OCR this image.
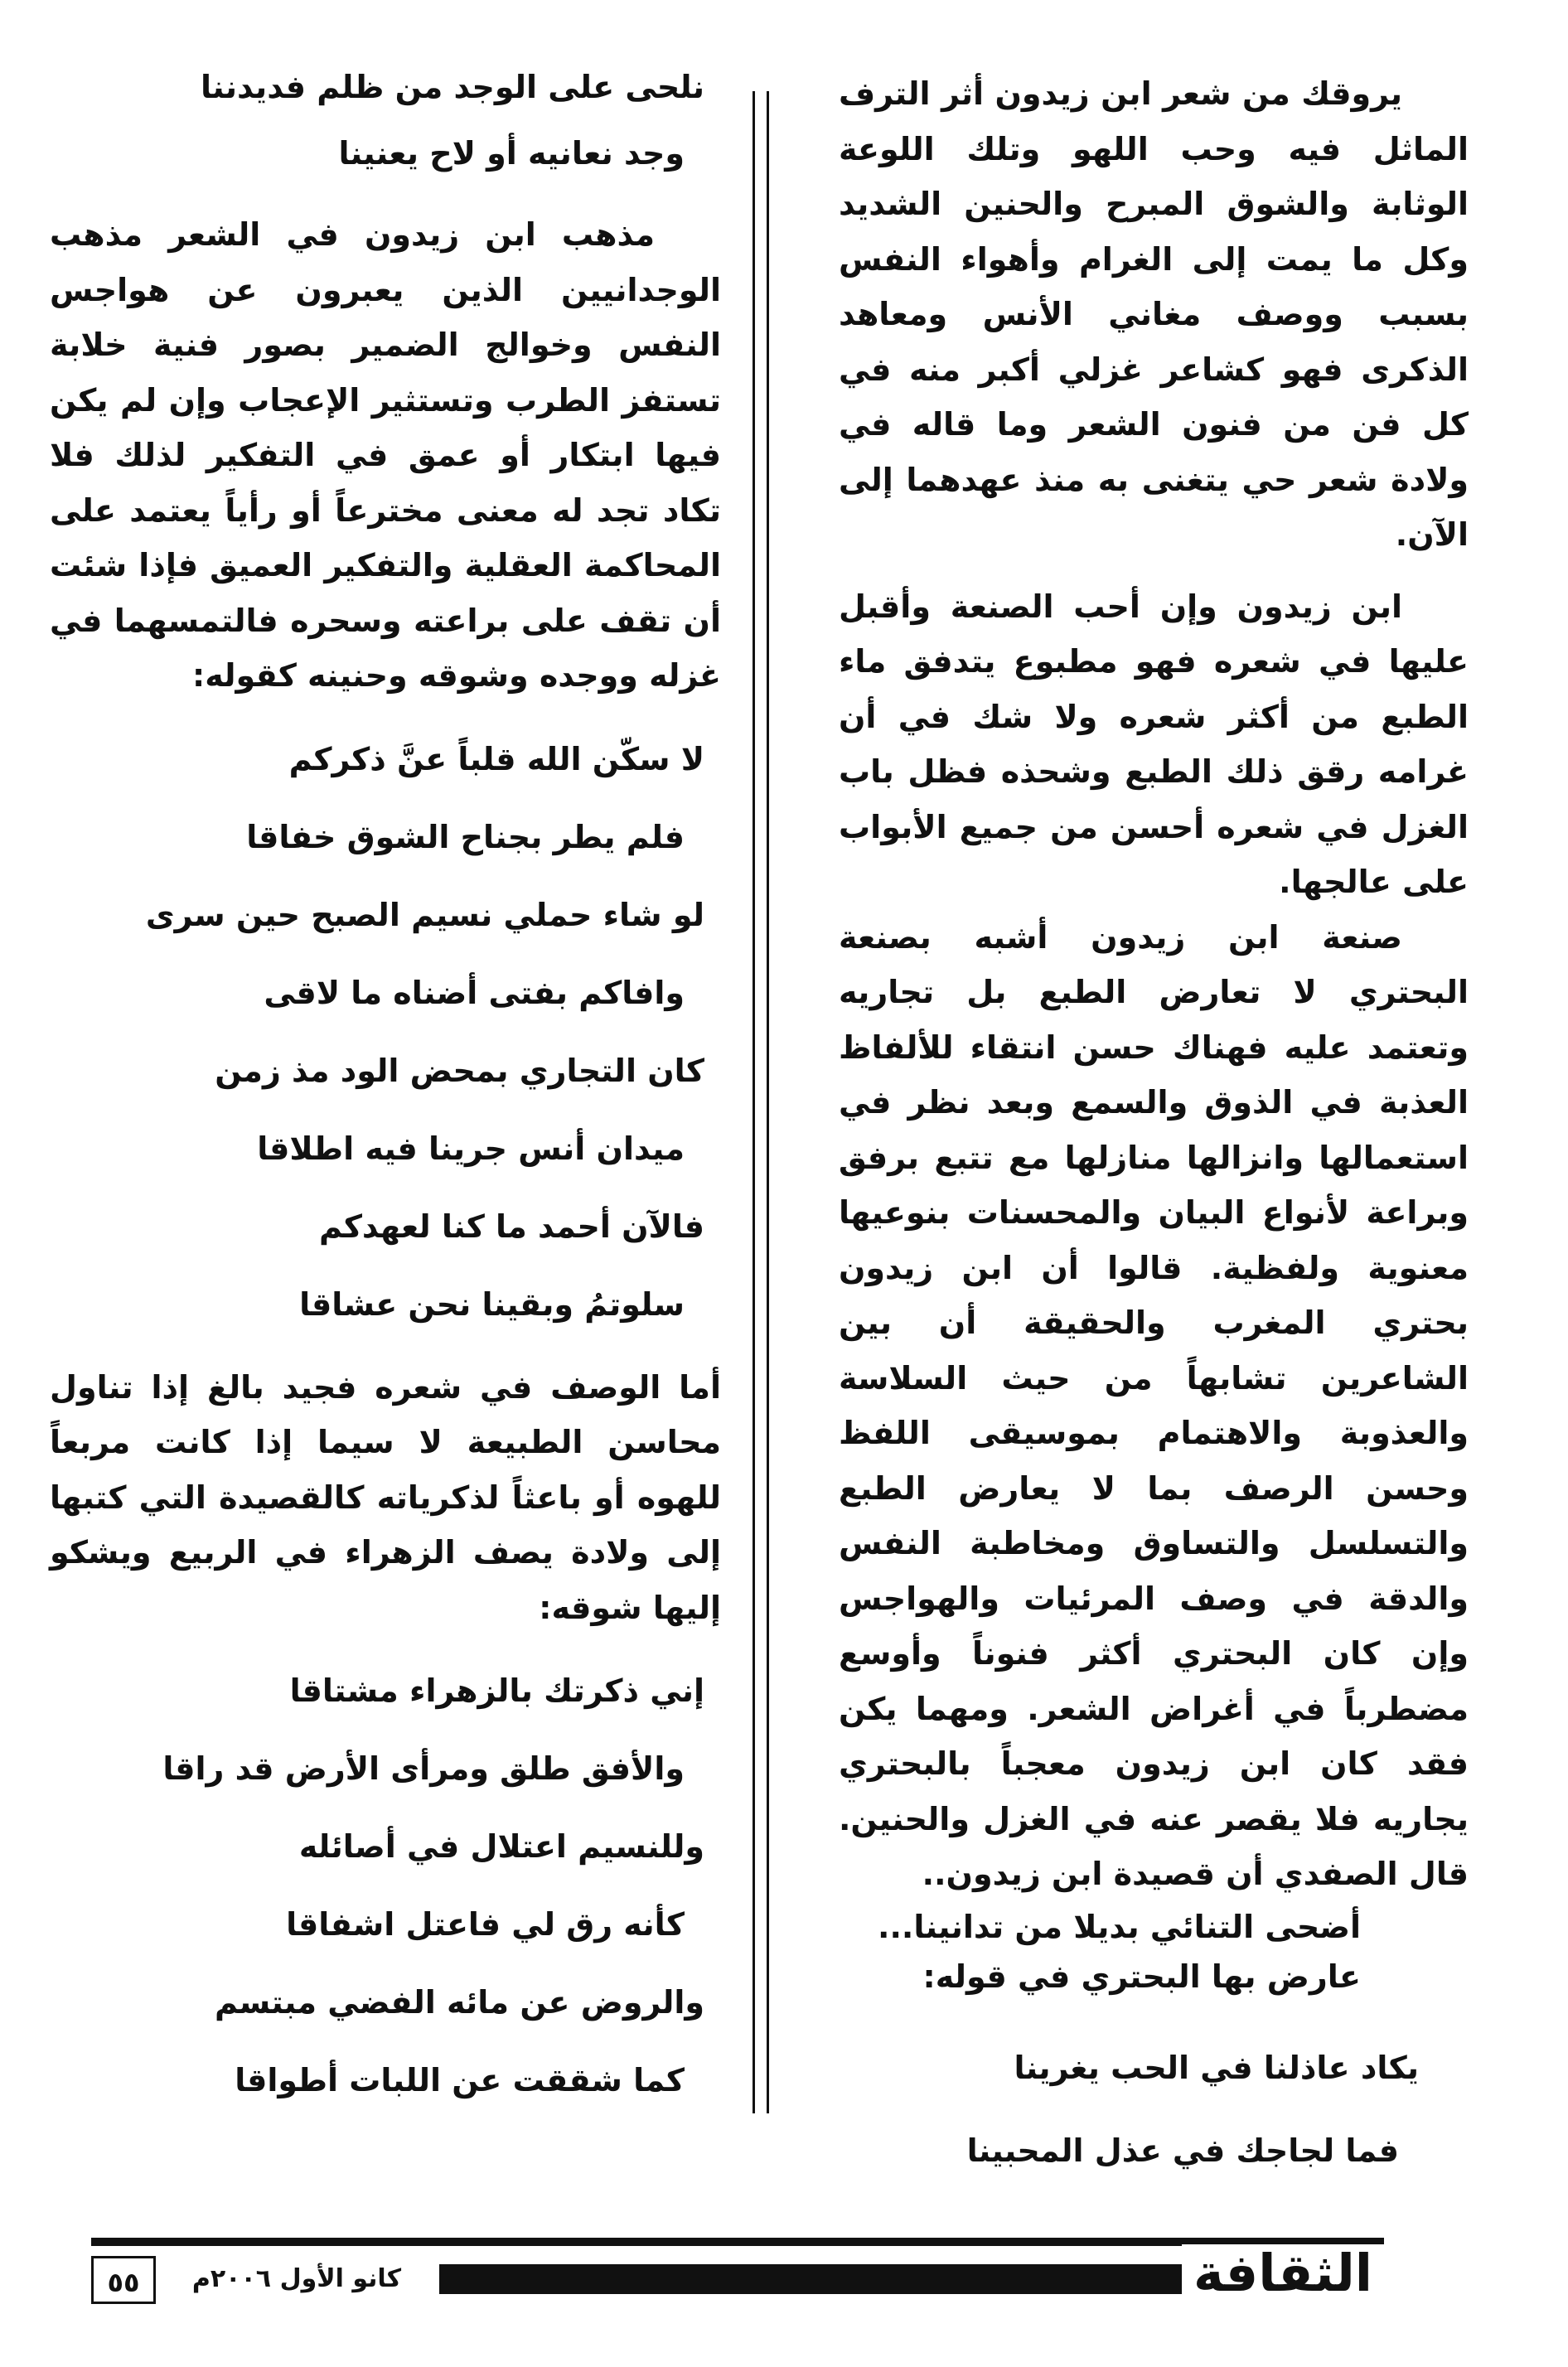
يروقك من شعر ابن زيدون أثر الترف الماثل فيه وحب اللهو وتلك اللوعة الوثابة والشوق المبرح والحنين الشديد وكل ما يمت إلى الغرام وأهواء النفس بسبب ووصف مغاني الأنس ومعاهد الذكرى فهو كشاعر غزلي أكبر منه في كل فن من فنون الشعر وما قاله في ولادة شعر حي يتغنى به منذ عهدهما إلى الآن.

ابن زيدون وإن أحب الصنعة وأقبل عليها في شعره فهو مطبوع يتدفق ماء الطبع من أكثر شعره ولا شك في أن غرامه رقق ذلك الطبع وشحذه فظل باب الغزل في شعره أحسن من جميع الأبواب على عالجها.

صنعة ابن زيدون أشبه بصنعة البحتري لا تعارض الطبع بل تجاريه وتعتمد عليه فهناك حسن انتقاء للألفاظ العذبة في الذوق والسمع وبعد نظر في استعمالها وانزالها منازلها مع تتبع برفق وبراعة لأنواع البيان والمحسنات بنوعيها معنوية ولفظية. قالوا أن ابن زيدون بحتري المغرب والحقيقة أن بين الشاعرين تشابهاً من حيث السلاسة والعذوبة والاهتمام بموسيقى اللفظ وحسن الرصف بما لا يعارض الطبع والتسلسل والتساوق ومخاطبة النفس والدقة في وصف المرئيات والهواجس وإن كان البحتري أكثر فنوناً وأوسع مضطرباً في أغراض الشعر. ومهما يكن فقد كان ابن زيدون معجباً بالبحتري يجاريه فلا يقصر عنه في الغزل والحنين. قال الصفدي أن قصيدة ابن زيدون..

أضحى التنائي بديلا من تدانينا...

عارض بها البحتري في قوله:

يكاد عاذلنا في الحب يغرينا
فما لجاجك في عذل المحبينا
نلحى على الوجد من ظلم فديدننا
وجد نعانيه أو لاح يعنينا

مذهب ابن زيدون في الشعر مذهب الوجدانيين الذين يعبرون عن هواجس النفس وخوالج الضمير بصور فنية خلابة تستفز الطرب وتستثير الإعجاب وإن لم يكن فيها ابتكار أو عمق في التفكير لذلك فلا تكاد تجد له معنى مخترعاً أو رأياً يعتمد على المحاكمة العقلية والتفكير العميق فإذا شئت أن تقف على براعته وسحره فالتمسهما في غزله ووجده وشوقه وحنينه كقوله:

لا سكّن الله قلباً عنَّ ذكركم
فلم يطر بجناح الشوق خفاقا
لو شاء حملي نسيم الصبح حين سرى
وافاكم بفتى أضناه ما لاقى
كان التجاري بمحض الود مذ زمن
ميدان أنس جرينا فيه اطلاقا
فالآن أحمد ما كنا لعهدكم
سلوتمُ وبقينا نحن عشاقا

أما الوصف في شعره فجيد بالغ إذا تناول محاسن الطبيعة لا سيما إذا كانت مربعاً للهوه أو باعثاً لذكرياته كالقصيدة التي كتبها إلى ولادة يصف الزهراء في الربيع ويشكو إليها شوقه:

إني ذكرتك بالزهراء مشتاقا
والأفق طلق ومرأى الأرض قد راقا
وللنسيم اعتلال في أصائله
كأنه رق لي فاعتل اشفاقا
والروض عن مائه الفضي مبتسم
كما شققت عن اللبات أطواقا
الثقافة
كانو الأول ٢٠٠٦م
٥٥
